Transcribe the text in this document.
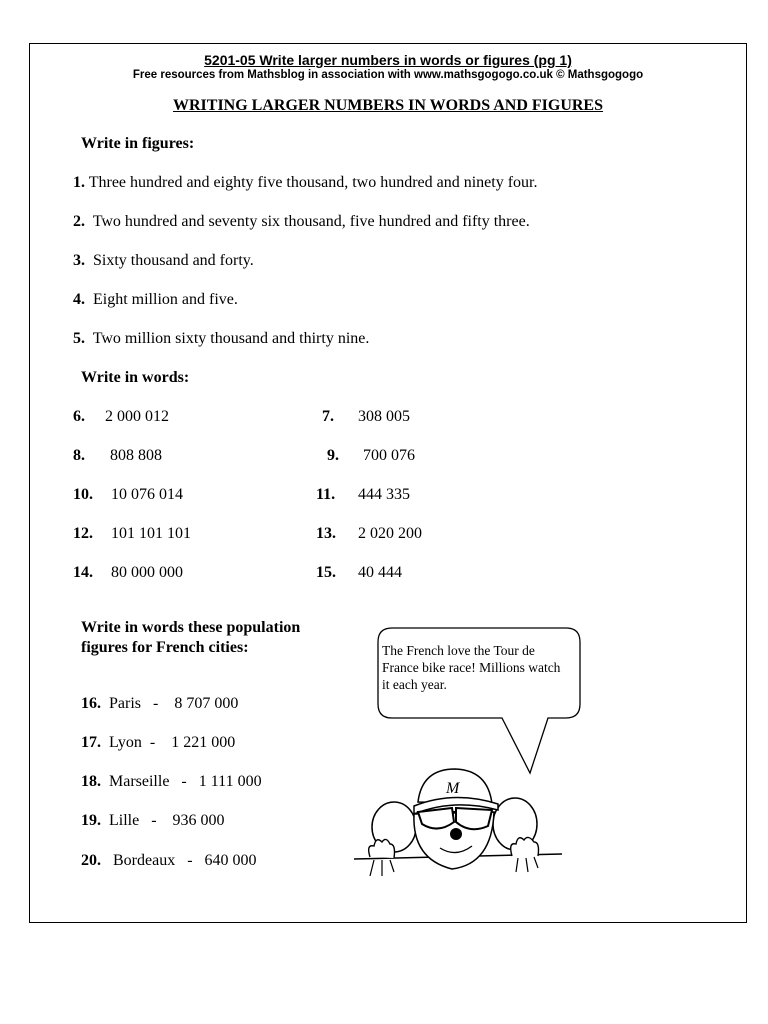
5201-05 Write larger numbers in words or figures (pg 1)
Free resources from Mathsblog in association with www.mathsgogogo.co.uk © Mathsgogogo
WRITING LARGER NUMBERS IN WORDS AND FIGURES
Write in figures:
1. Three hundred and eighty five thousand, two hundred and ninety four.
2. Two hundred and seventy six thousand, five hundred and fifty three.
3. Sixty thousand and forty.
4. Eight million and five.
5. Two million sixty thousand and thirty nine.
Write in words:
6. 2 000 012	7. 308 005
8. 808 808	9. 700 076
10. 10 076 014	11. 444 335
12. 101 101 101	13. 2 020 200
14. 80 000 000	15. 40 444
Write in words these population figures for French cities:
16. Paris   -    8 707 000
17. Lyon  -    1 221 000
18. Marseille   -   1 111 000
19. Lille   -    936 000
20.   Bordeaux   -   640 000
The French love the Tour de France bike race! Millions watch it each year.
M
